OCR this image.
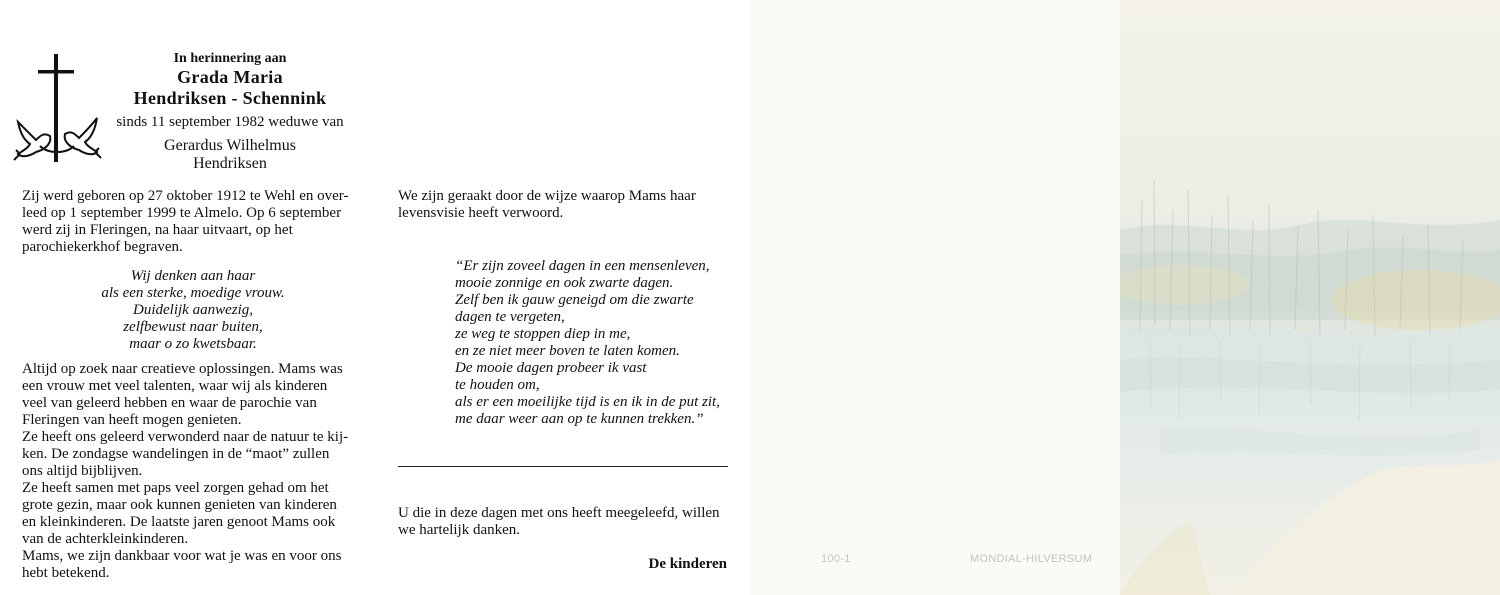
In herinnering aan
Grada Maria
Hendriksen - Schennink
sinds 11 september 1982 weduwe van
Gerardus Wilhelmus
Hendriksen
Zij werd geboren op 27 oktober 1912 te Wehl en over-
leed op 1 september 1999 te Almelo. Op 6 september
werd zij in Fleringen, na haar uitvaart, op het
parochiekerkhof begraven.
Wij denken aan haar
als een sterke, moedige vrouw.
Duidelijk aanwezig,
zelfbewust naar buiten,
maar o zo kwetsbaar.
Altijd op zoek naar creatieve oplossingen. Mams was
een vrouw met veel talenten, waar wij als kinderen
veel van geleerd hebben en waar de parochie van
Fleringen van heeft mogen genieten.
Ze heeft ons geleerd verwonderd naar de natuur te kij-
ken. De zondagse wandelingen in de “maot” zullen
ons altijd bijblijven.
Ze heeft samen met paps veel zorgen gehad om het
grote gezin, maar ook kunnen genieten van kinderen
en kleinkinderen. De laatste jaren genoot Mams ook
van de achterkleinkinderen.
Mams, we zijn dankbaar voor wat je was en voor ons
hebt betekend.
We zijn geraakt door de wijze waarop Mams haar
levensvisie heeft verwoord.
“Er zijn zoveel dagen in een mensenleven,
mooie zonnige en ook zwarte dagen.
Zelf ben ik gauw geneigd om die zwarte
dagen te vergeten,
ze weg te stoppen diep in me,
en ze niet meer boven te laten komen.
De mooie dagen probeer ik vast
te houden om,
als er een moeilijke tijd is en ik in de put zit,
me daar weer aan op te kunnen trekken.”
U die in deze dagen met ons heeft meegeleefd, willen
we hartelijk danken.
De kinderen	100-1	MONDIAL-HILVERSUM
